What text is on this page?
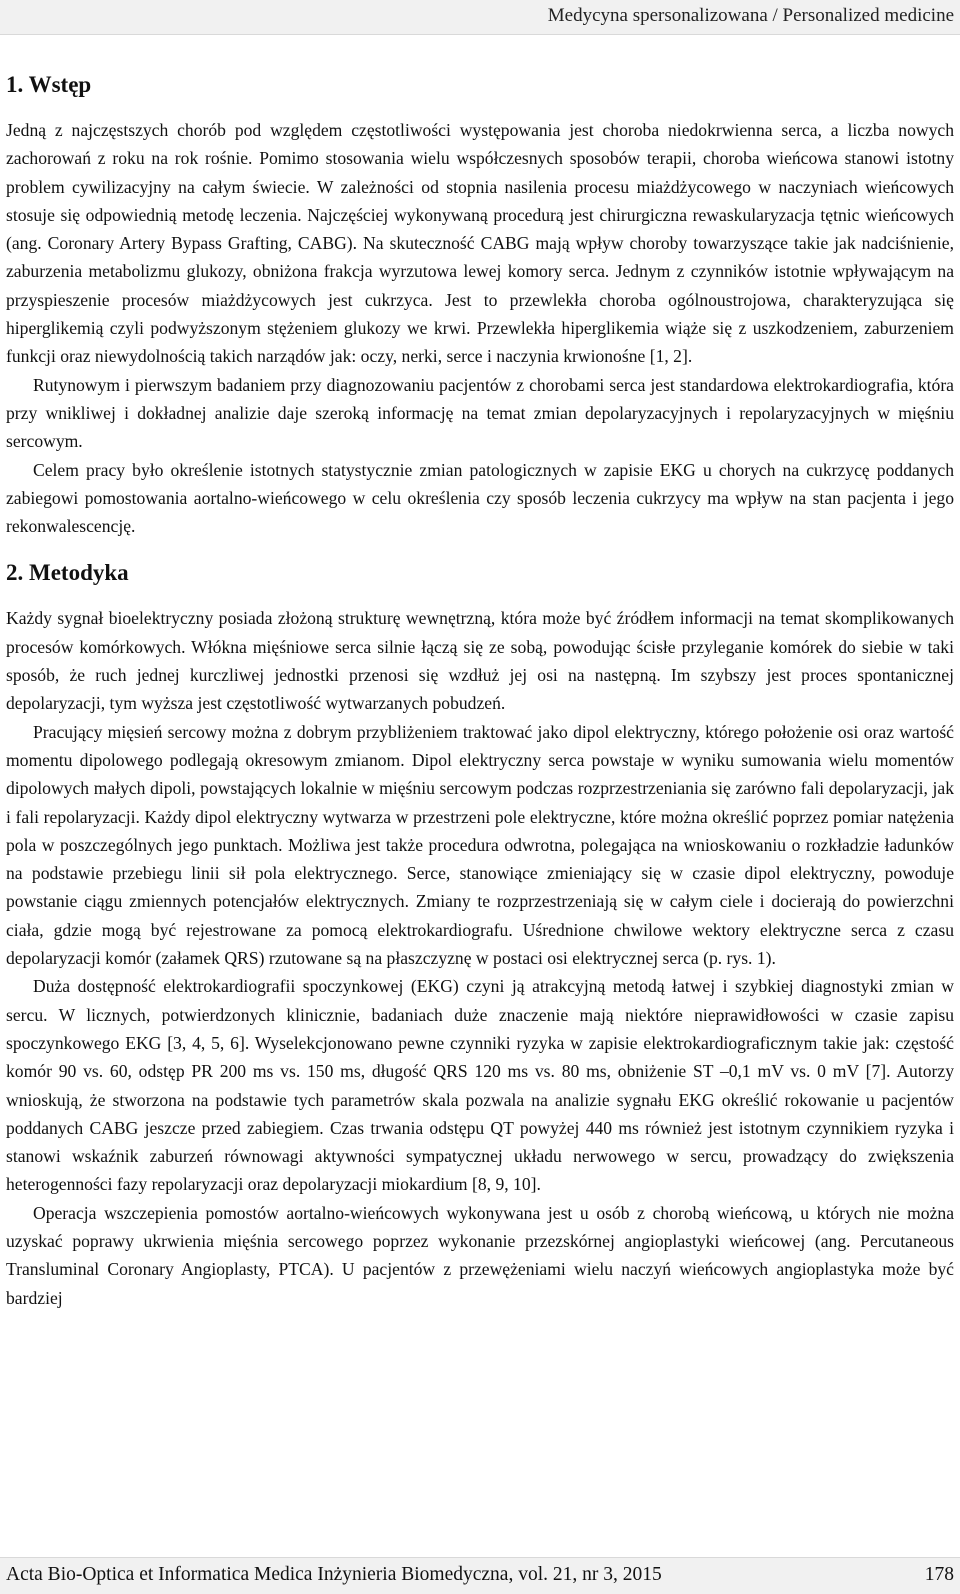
Medycyna spersonalizowana / Personalized medicine
1. Wstęp

Jedną z najczęstszych chorób pod względem częstotliwości występowania jest choroba niedokrwienna serca, a liczba nowych zachorowań z roku na rok rośnie. Pomimo stosowania wielu współczesnych sposobów terapii, choroba wieńcowa stanowi istotny problem cywilizacyjny na całym świecie. W zależności od stopnia nasilenia procesu miażdżycowego w naczyniach wieńcowych stosuje się odpowiednią metodę leczenia. Najczęściej wykonywaną procedurą jest chirurgiczna rewaskularyzacja tętnic wieńcowych (ang. Coronary Artery Bypass Grafting, CABG). Na skuteczność CABG mają wpływ choroby towarzyszące takie jak nadciśnienie, zaburzenia metabolizmu glukozy, obniżona frakcja wyrzutowa lewej komory serca. Jednym z czynników istotnie wpływającym na przyspieszenie procesów miażdżycowych jest cukrzyca. Jest to przewlekła choroba ogólnoustrojowa, charakteryzująca się hiperglikemią czyli podwyższonym stężeniem glukozy we krwi. Przewlekła hiperglikemia wiąże się z uszkodzeniem, zaburzeniem funkcji oraz niewydolnością takich narządów jak: oczy, nerki, serce i naczynia krwionośne [1, 2].

Rutynowym i pierwszym badaniem przy diagnozowaniu pacjentów z chorobami serca jest standardowa elektrokardiografia, która przy wnikliwej i dokładnej analizie daje szeroką informację na temat zmian depolaryzacyjnych i repolaryzacyjnych w mięśniu sercowym.

Celem pracy było określenie istotnych statystycznie zmian patologicznych w zapisie EKG u chorych na cukrzycę poddanych zabiegowi pomostowania aortalno-wieńcowego w celu określenia czy sposób leczenia cukrzycy ma wpływ na stan pacjenta i jego rekonwalescencję.

2. Metodyka

Każdy sygnał bioelektryczny posiada złożoną strukturę wewnętrzną, która może być źródłem informacji na temat skomplikowanych procesów komórkowych. Włókna mięśniowe serca silnie łączą się ze sobą, powodując ścisłe przyleganie komórek do siebie w taki sposób, że ruch jednej kurczliwej jednostki przenosi się wzdłuż jej osi na następną. Im szybszy jest proces spontanicznej depolaryzacji, tym wyższa jest częstotliwość wytwarzanych pobudzeń.

Pracujący mięsień sercowy można z dobrym przybliżeniem traktować jako dipol elektryczny, którego położenie osi oraz wartość momentu dipolowego podlegają okresowym zmianom. Dipol elektryczny serca powstaje w wyniku sumowania wielu momentów dipolowych małych dipoli, powstających lokalnie w mięśniu sercowym podczas rozprzestrzeniania się zarówno fali depolaryzacji, jak i fali repolaryzacji. Każdy dipol elektryczny wytwarza w przestrzeni pole elektryczne, które można określić poprzez pomiar natężenia pola w poszczególnych jego punktach. Możliwa jest także procedura odwrotna, polegająca na wnioskowaniu o rozkładzie ładunków na podstawie przebiegu linii sił pola elektrycznego. Serce, stanowiące zmieniający się w czasie dipol elektryczny, powoduje powstanie ciągu zmiennych potencjałów elektrycznych. Zmiany te rozprzestrzeniają się w całym ciele i docierają do powierzchni ciała, gdzie mogą być rejestrowane za pomocą elektrokardiografu. Uśrednione chwilowe wektory elektryczne serca z czasu depolaryzacji komór (załamek QRS) rzutowane są na płaszczyznę w postaci osi elektrycznej serca (p. rys. 1).

Duża dostępność elektrokardiografii spoczynkowej (EKG) czyni ją atrakcyjną metodą łatwej i szybkiej diagnostyki zmian w sercu. W licznych, potwierdzonych klinicznie, badaniach duże znaczenie mają niektóre nieprawidłowości w czasie zapisu spoczynkowego EKG [3, 4, 5, 6]. Wyselekcjonowano pewne czynniki ryzyka w zapisie elektrokardiograficznym takie jak: częstość komór 90 vs. 60, odstęp PR 200 ms vs. 150 ms, długość QRS 120 ms vs. 80 ms, obniżenie ST –0,1 mV vs. 0 mV [7]. Autorzy wnioskują, że stworzona na podstawie tych parametrów skala pozwala na analizie sygnału EKG określić rokowanie u pacjentów poddanych CABG jeszcze przed zabiegiem. Czas trwania odstępu QT powyżej 440 ms również jest istotnym czynnikiem ryzyka i stanowi wskaźnik zaburzeń równowagi aktywności sympatycznej układu nerwowego w sercu, prowadzący do zwiększenia heterogenności fazy repolaryzacji oraz depolaryzacji miokardium [8, 9, 10].

Operacja wszczepienia pomostów aortalno-wieńcowych wykonywana jest u osób z chorobą wieńcową, u których nie można uzyskać poprawy ukrwienia mięśnia sercowego poprzez wykonanie przezskórnej angioplastyki wieńcowej (ang. Percutaneous Transluminal Coronary Angioplasty, PTCA). U pacjentów z przewężeniami wielu naczyń wieńcowych angioplastyka może być bardziej

Acta Bio-Optica et Informatica Medica Inżynieria Biomedyczna, vol. 21, nr 3, 2015	178
